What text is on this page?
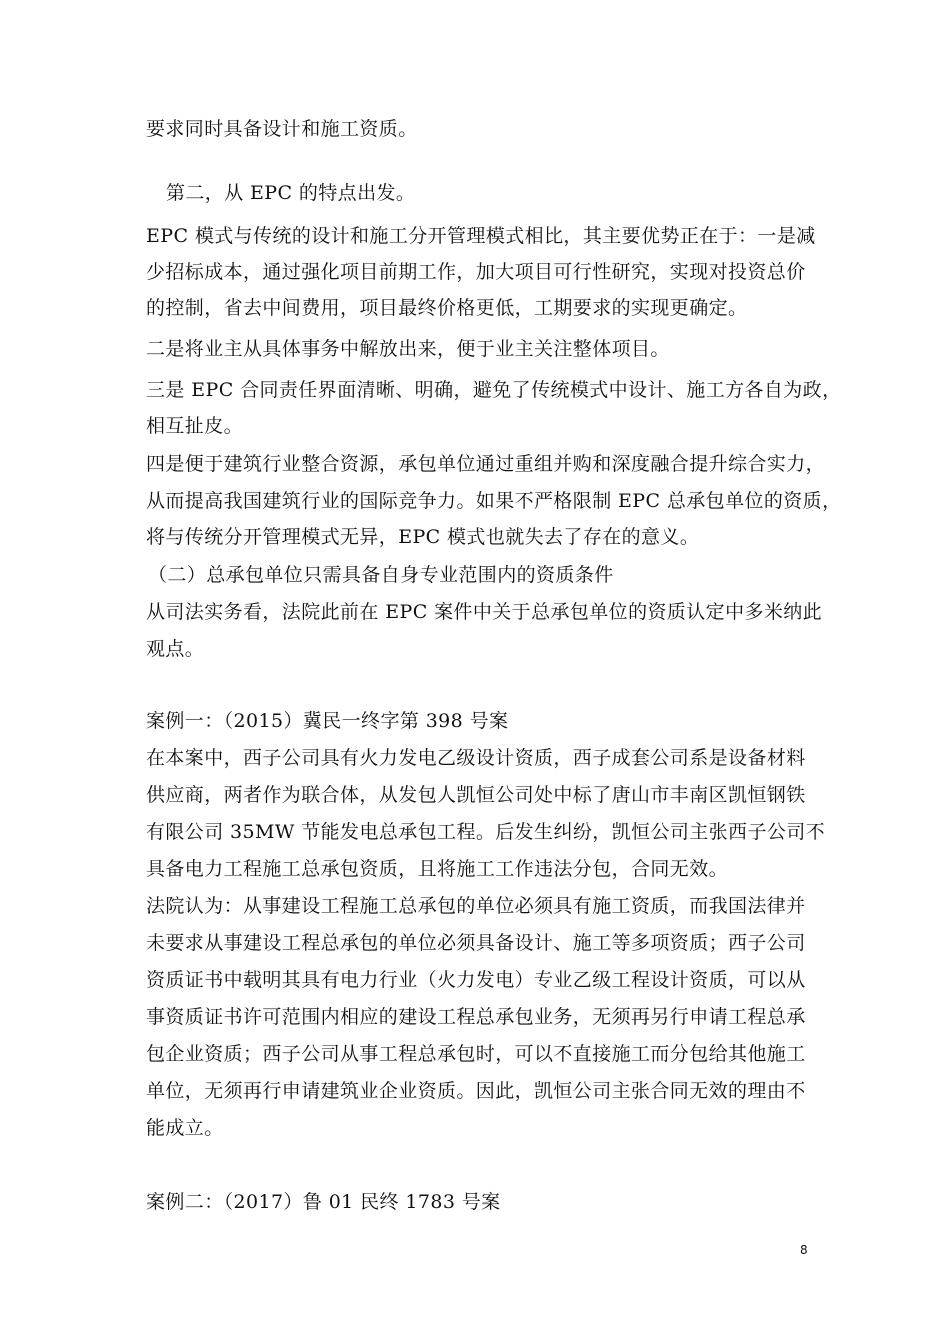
要求同时具备设计和施工资质。
第二，从 EPC 的特点出发。
EPC 模式与传统的设计和施工分开管理模式相比，其主要优势正在于：一是减
少招标成本，通过强化项目前期工作，加大项目可行性研究，实现对投资总价
的控制，省去中间费用，项目最终价格更低，工期要求的实现更确定。
二是将业主从具体事务中解放出来，便于业主关注整体项目。
三是 EPC 合同责任界面清晰、明确，避免了传统模式中设计、施工方各自为政，
相互扯皮。
四是便于建筑行业整合资源，承包单位通过重组并购和深度融合提升综合实力，
从而提高我国建筑行业的国际竞争力。如果不严格限制 EPC 总承包单位的资质，
将与传统分开管理模式无异，EPC 模式也就失去了存在的意义。
（二）总承包单位只需具备自身专业范围内的资质条件
从司法实务看，法院此前在 EPC 案件中关于总承包单位的资质认定中多米纳此
观点。
案例一：（2015）冀民一终字第 398 号案
在本案中，西子公司具有火力发电乙级设计资质，西子成套公司系是设备材料
供应商，两者作为联合体，从发包人凯恒公司处中标了唐山市丰南区凯恒钢铁
有限公司 35MW 节能发电总承包工程。后发生纠纷，凯恒公司主张西子公司不
具备电力工程施工总承包资质，且将施工工作违法分包，合同无效。
法院认为：从事建设工程施工总承包的单位必须具有施工资质，而我国法律并
未要求从事建设工程总承包的单位必须具备设计、施工等多项资质；西子公司
资质证书中载明其具有电力行业（火力发电）专业乙级工程设计资质，可以从
事资质证书许可范围内相应的建设工程总承包业务，无须再另行申请工程总承
包企业资质；西子公司从事工程总承包时，可以不直接施工而分包给其他施工
单位，无须再行申请建筑业企业资质。因此，凯恒公司主张合同无效的理由不
能成立。
案例二：（2017）鲁 01 民终 1783 号案
8
